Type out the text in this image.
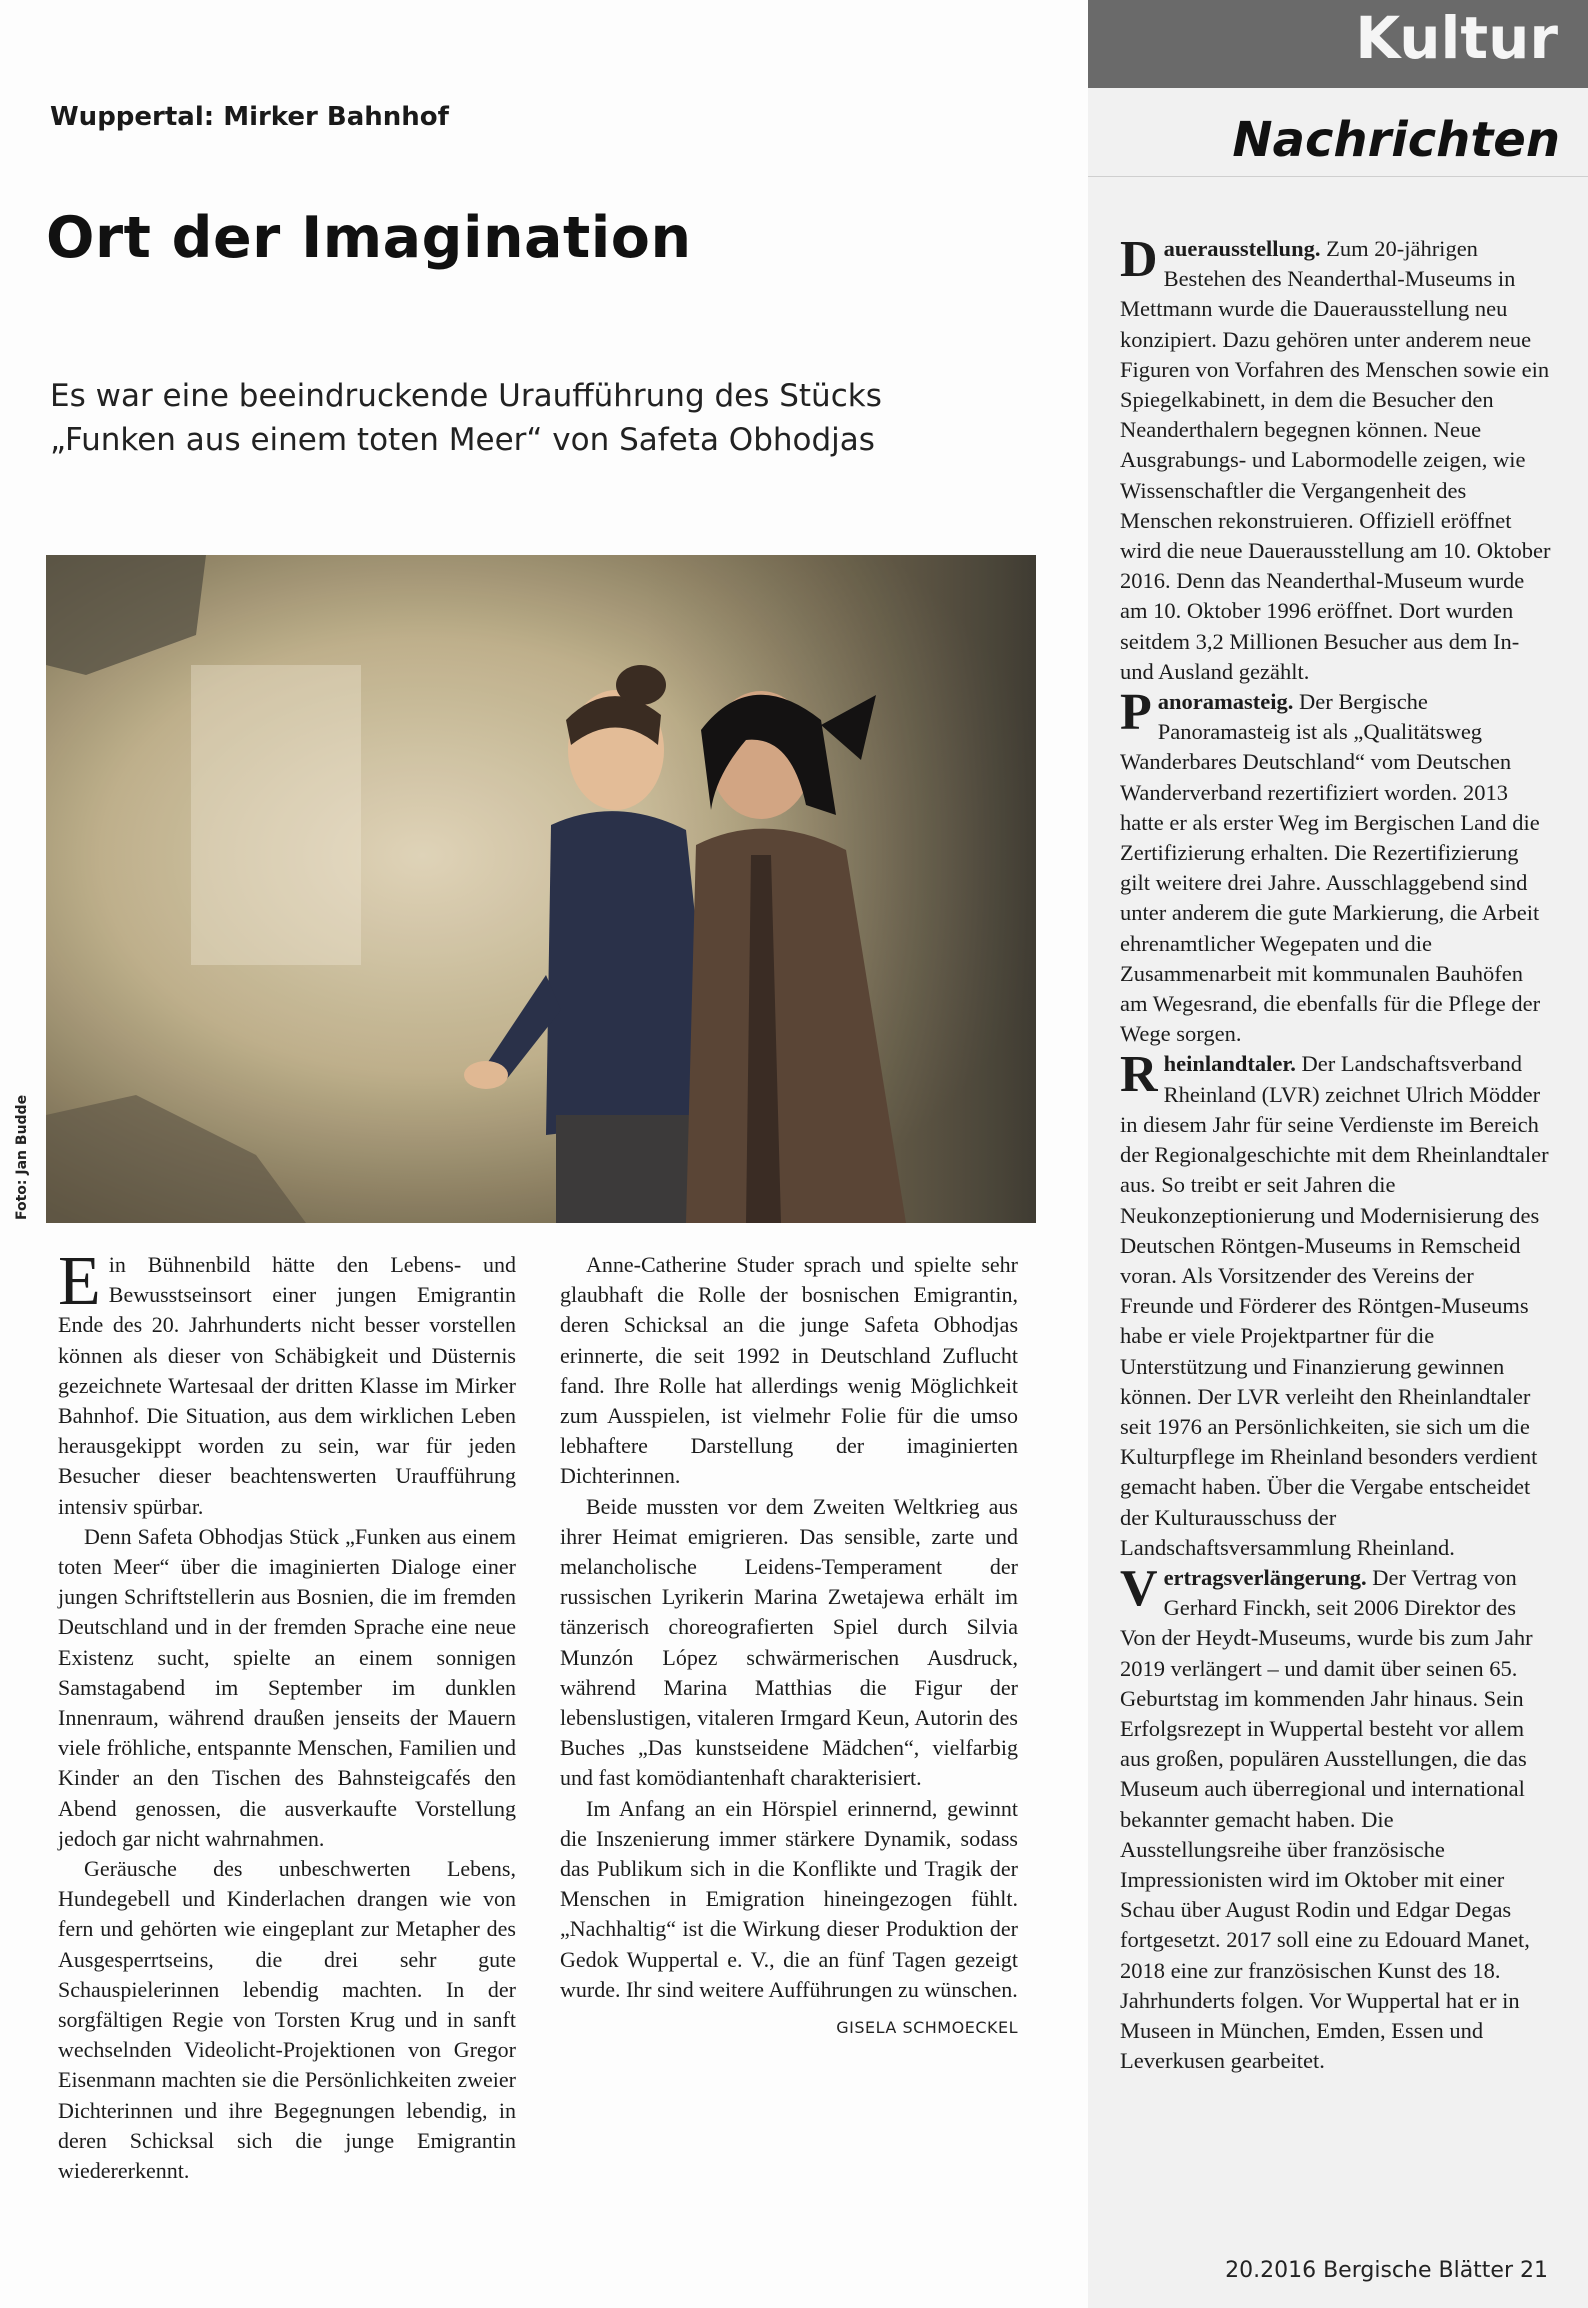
Kultur
Nachrichten
Wuppertal: Mirker Bahnhof
Ort der Imagination
Es war eine beeindruckende Uraufführung des Stücks „Funken aus einem toten Meer“ von Safeta Obhodjas
Foto: Jan Budde

Ein Bühnenbild hätte den Lebens- und Bewusstseinsort einer jungen Emigrantin Ende des 20. Jahrhunderts nicht besser vorstellen können als dieser von Schäbigkeit und Düsternis gezeichnete Wartesaal der dritten Klasse im Mirker Bahnhof. Die Situation, aus dem wirklichen Leben herausgekippt worden zu sein, war für jeden Besucher dieser beachtenswerten Uraufführung intensiv spürbar.

Denn Safeta Obhodjas Stück „Funken aus einem toten Meer“ über die imaginierten Dialoge einer jungen Schriftstellerin aus Bosnien, die im fremden Deutschland und in der fremden Sprache eine neue Existenz sucht, spielte an einem sonnigen Samstagabend im September im dunklen Innenraum, während draußen jenseits der Mauern viele fröhliche, entspannte Menschen, Familien und Kinder an den Tischen des Bahnsteigcafés den Abend genossen, die ausverkaufte Vorstellung jedoch gar nicht wahrnahmen.

Geräusche des unbeschwerten Lebens, Hundegebell und Kinderlachen drangen wie von fern und gehörten wie eingeplant zur Metapher des Ausgesperrtseins, die drei sehr gute Schauspielerinnen lebendig machten. In der sorgfältigen Regie von Torsten Krug und in sanft wechselnden Videolicht-Projektionen von Gregor Eisenmann machten sie die Persönlichkeiten zweier Dichterinnen und ihre Begegnungen lebendig, in deren Schicksal sich die junge Emigrantin wiedererkennt.

Anne-Catherine Studer sprach und spielte sehr glaubhaft die Rolle der bosnischen Emigrantin, deren Schicksal an die junge Safeta Obhodjas erinnerte, die seit 1992 in Deutschland Zuflucht fand. Ihre Rolle hat allerdings wenig Möglichkeit zum Ausspielen, ist vielmehr Folie für die umso lebhaftere Darstellung der imaginierten Dichterinnen.

Beide mussten vor dem Zweiten Weltkrieg aus ihrer Heimat emigrieren. Das sensible, zarte und melancholische Leidens-Temperament der russischen Lyrikerin Marina Zwetajewa erhält im tänzerisch choreografierten Spiel durch Silvia Munzón López schwärmerischen Ausdruck, während Marina Matthias die Figur der lebenslustigen, vitaleren Irmgard Keun, Autorin des Buches „Das kunstseidene Mädchen“, vielfarbig und fast komödiantenhaft charakterisiert.

Im Anfang an ein Hörspiel erinnernd, gewinnt die Inszenierung immer stärkere Dynamik, sodass das Publikum sich in die Konflikte und Tragik der Menschen in Emigration hineingezogen fühlt. „Nachhaltig“ ist die Wirkung dieser Produktion der Gedok Wuppertal e. V., die an fünf Tagen gezeigt wurde. Ihr sind weitere Aufführungen zu wünschen.

GISELA SCHMOECKEL

Dauerausstellung. Zum 20-jährigen Bestehen des Neanderthal-Museums in Mettmann wurde die Dauerausstellung neu konzipiert. Dazu gehören unter anderem neue Figuren von Vorfahren des Menschen sowie ein Spiegelkabinett, in dem die Besucher den Neanderthalern begegnen können. Neue Ausgrabungs- und Labormodelle zeigen, wie Wissenschaftler die Vergangenheit des Menschen rekonstruieren. Offiziell eröffnet wird die neue Dauerausstellung am 10. Oktober 2016. Denn das Neanderthal-Museum wurde am 10. Oktober 1996 eröffnet. Dort wurden seitdem 3,2 Millionen Besucher aus dem In- und Ausland gezählt.

Panoramasteig. Der Bergische Panoramasteig ist als „Qualitätsweg Wanderbares Deutschland“ vom Deutschen Wanderverband rezertifiziert worden. 2013 hatte er als erster Weg im Bergischen Land die Zertifizierung erhalten. Die Rezertifizierung gilt weitere drei Jahre. Ausschlaggebend sind unter anderem die gute Markierung, die Arbeit ehrenamtlicher Wegepaten und die Zusammenarbeit mit kommunalen Bauhöfen am Wegesrand, die ebenfalls für die Pflege der Wege sorgen.

Rheinlandtaler. Der Landschaftsverband Rheinland (LVR) zeichnet Ulrich Mödder in diesem Jahr für seine Verdienste im Bereich der Regionalgeschichte mit dem Rheinlandtaler aus. So treibt er seit Jahren die Neukonzeptionierung und Modernisierung des Deutschen Röntgen-Museums in Remscheid voran. Als Vorsitzender des Vereins der Freunde und Förderer des Röntgen-Museums habe er viele Projektpartner für die Unterstützung und Finanzierung gewinnen können. Der LVR verleiht den Rheinlandtaler seit 1976 an Persönlichkeiten, sie sich um die Kulturpflege im Rheinland besonders verdient gemacht haben. Über die Vergabe entscheidet der Kulturausschuss der Landschaftsversammlung Rheinland.

Vertragsverlängerung. Der Vertrag von Gerhard Finckh, seit 2006 Direktor des Von der Heydt-Museums, wurde bis zum Jahr 2019 verlängert – und damit über seinen 65. Geburtstag im kommenden Jahr hinaus. Sein Erfolgsrezept in Wuppertal besteht vor allem aus großen, populären Ausstellungen, die das Museum auch überregional und international bekannter gemacht haben. Die Ausstellungsreihe über französische Impressionisten wird im Oktober mit einer Schau über August Rodin und Edgar Degas fortgesetzt. 2017 soll eine zu Edouard Manet, 2018 eine zur französischen Kunst des 18. Jahrhunderts folgen. Vor Wuppertal hat er in Museen in München, Emden, Essen und Leverkusen gearbeitet.

20.2016 Bergische Blätter 21
